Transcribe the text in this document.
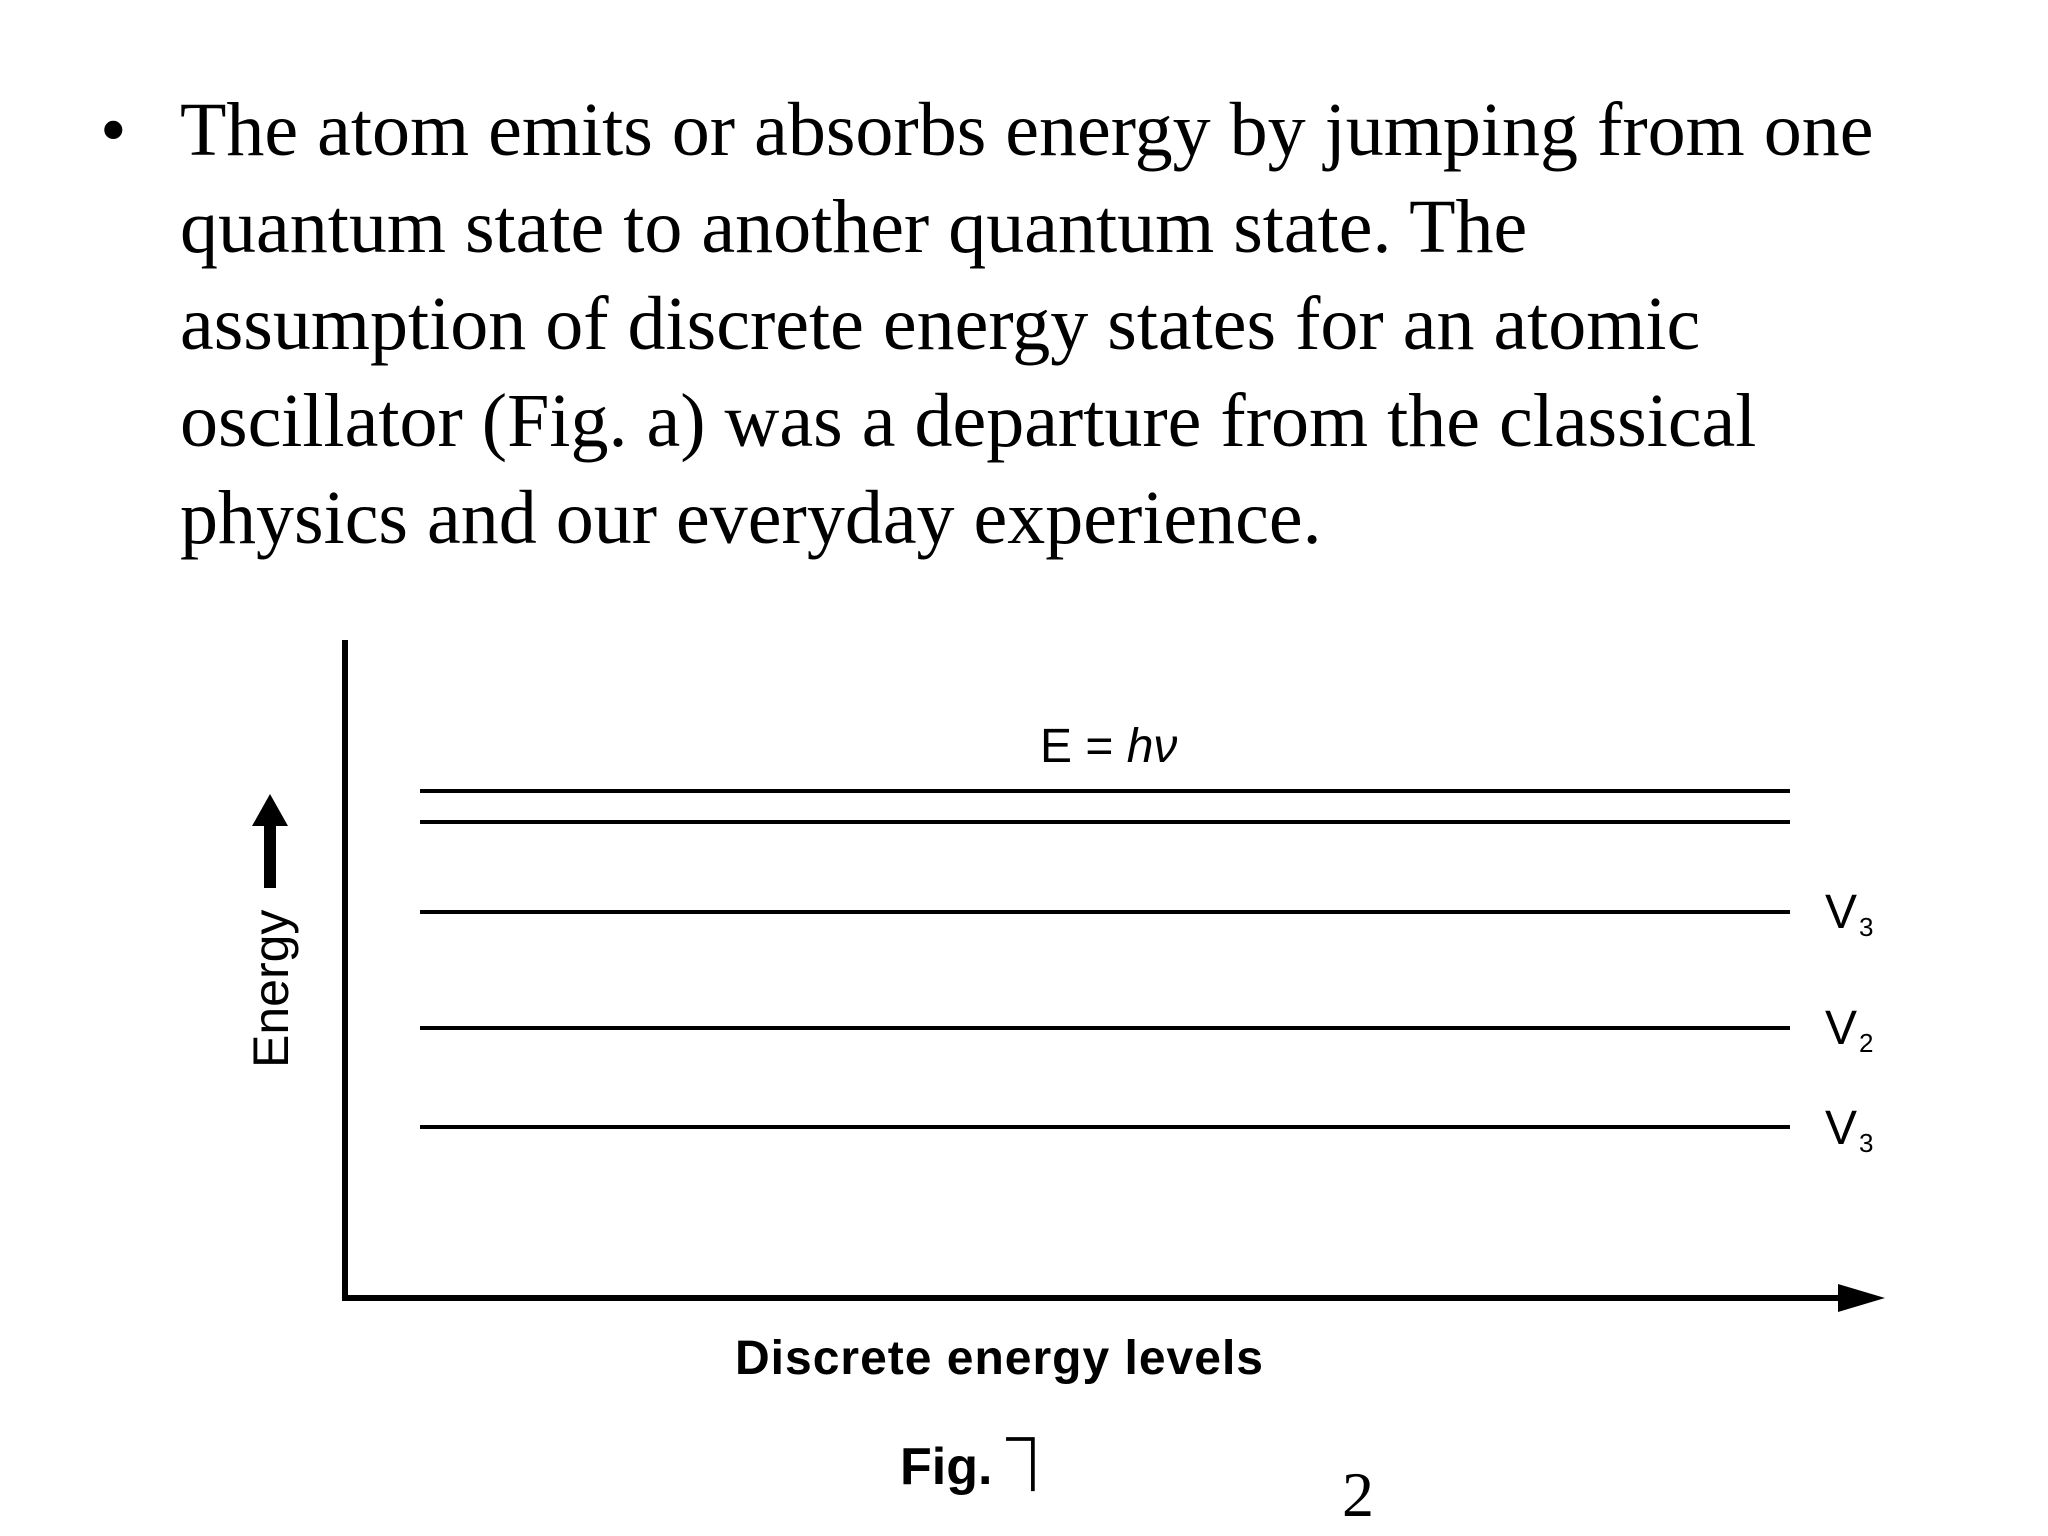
• The atom emits or absorbs energy by jumping from one
quantum state to another quantum state. The
assumption of discrete energy states for an atomic
oscillator (Fig. a) was a departure from the classical
physics and our everyday experience.
E = hν
V3
V2
V3
Energy
Discrete energy levels
Fig. ⏋	2
